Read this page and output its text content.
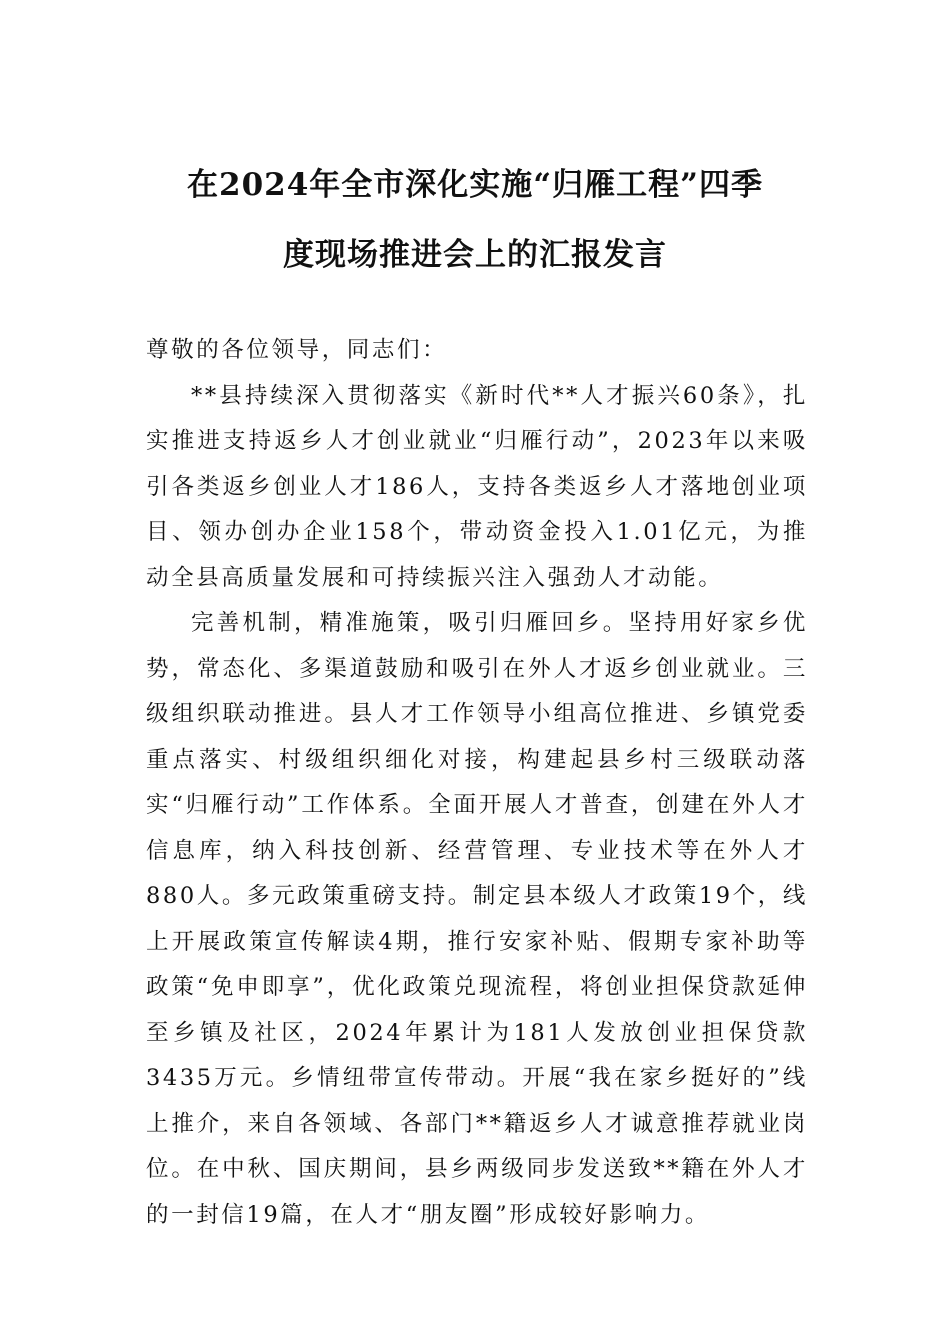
在2024年全市深化实施“归雁工程”四季
度现场推进会上的汇报发言

尊敬的各位领导，同志们：

**县持续深入贯彻落实《新时代**人才振兴60条》，扎实推进支持返乡人才创业就业“归雁行动”，2023年以来吸引各类返乡创业人才186人，支持各类返乡人才落地创业项目、领办创办企业158个，带动资金投入1.01亿元，为推动全县高质量发展和可持续振兴注入强劲人才动能。

完善机制，精准施策，吸引归雁回乡。坚持用好家乡优势，常态化、多渠道鼓励和吸引在外人才返乡创业就业。三级组织联动推进。县人才工作领导小组高位推进、乡镇党委重点落实、村级组织细化对接，构建起县乡村三级联动落实“归雁行动”工作体系。全面开展人才普查，创建在外人才信息库，纳入科技创新、经营管理、专业技术等在外人才880人。多元政策重磅支持。制定县本级人才政策19个，线上开展政策宣传解读4期，推行安家补贴、假期专家补助等政策“免申即享”，优化政策兑现流程，将创业担保贷款延伸至乡镇及社区，2024年累计为181人发放创业担保贷款3435万元。乡情纽带宣传带动。开展“我在家乡挺好的”线上推介，来自各领域、各部门**籍返乡人才诚意推荐就业岗位。在中秋、国庆期间，县乡两级同步发送致**籍在外人才的一封信19篇，在人才“朋友圈”形成较好影响力。
